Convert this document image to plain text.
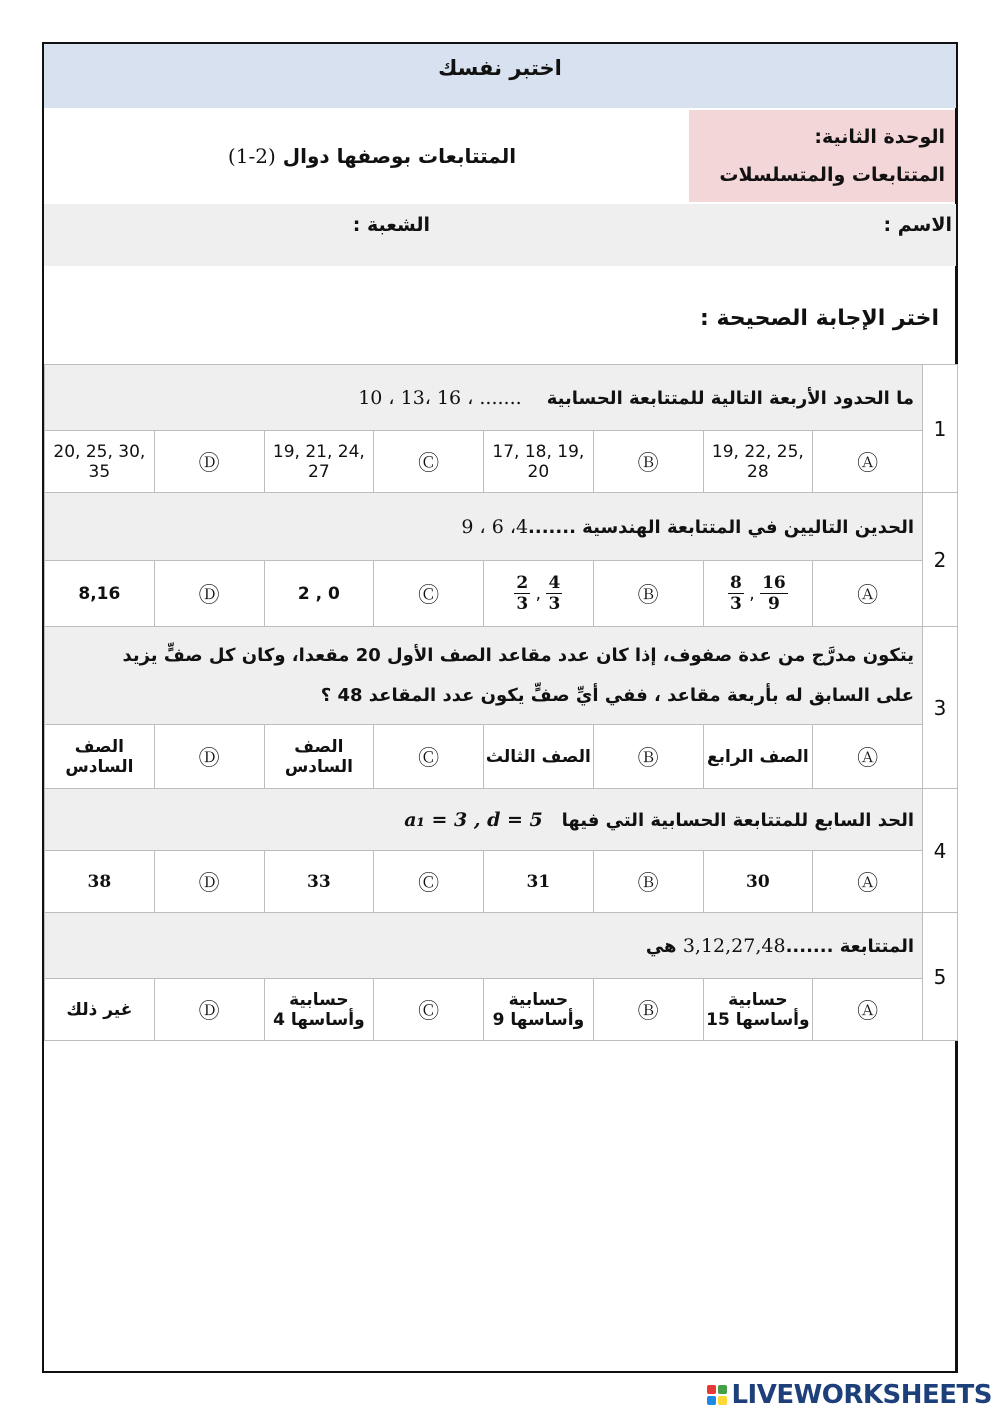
اختبر نفسك
المتتابعات بوصفها دوال (2-1)
الوحدة الثانية:
المتتابعات والمتسلسلات
الاسم :
الشعبة :
اختر الإجابة الصحيحة :
1	ما الحدود الأربعة التالية للمتتابعة الحسابية    ....... ، 16 ،13 ، 10							
	Ⓐ	19, 22, 25, 28	Ⓑ	17, 18, 19, 20	Ⓒ	19, 21, 24, 27	Ⓓ	20, 25, 30, 35
2	الحدين التاليين في المتتابعة الهندسية .......4، 6 ، 9							
	Ⓐ	$\frac{8}{3}$ , $\frac{16}{9}$	Ⓑ	$\frac{2}{3}$ , $\frac{4}{3}$	Ⓒ	2 , 0	Ⓓ	8,16
3	يتكون مدرَّج من عدة صفوف، إذا كان عدد مقاعد الصف الأول 20 مقعدا، وكان كل صفٍّ يزيد
على السابق له بأربعة مقاعد ، ففي أيِّ صفٍّ يكون عدد المقاعد 48 ؟							

	Ⓐ	الصف الرابع	Ⓑ	الصف الثالث	Ⓒ	الصف السادس	Ⓓ	الصف السادس
4	الحد السابع للمتتابعة الحسابية التي فيها   a₁ = 3 , d = 5							
	Ⓐ	30	Ⓑ	31	Ⓒ	33	Ⓓ	38
5	المتتابعة .......3,12,27,48 هي							
	Ⓐ	حسابية وأساسها 15	Ⓑ	حسابية وأساسها 9	Ⓒ	حسابية وأساسها 4	Ⓓ	غير ذلك
LIVEWORKSHEETS
